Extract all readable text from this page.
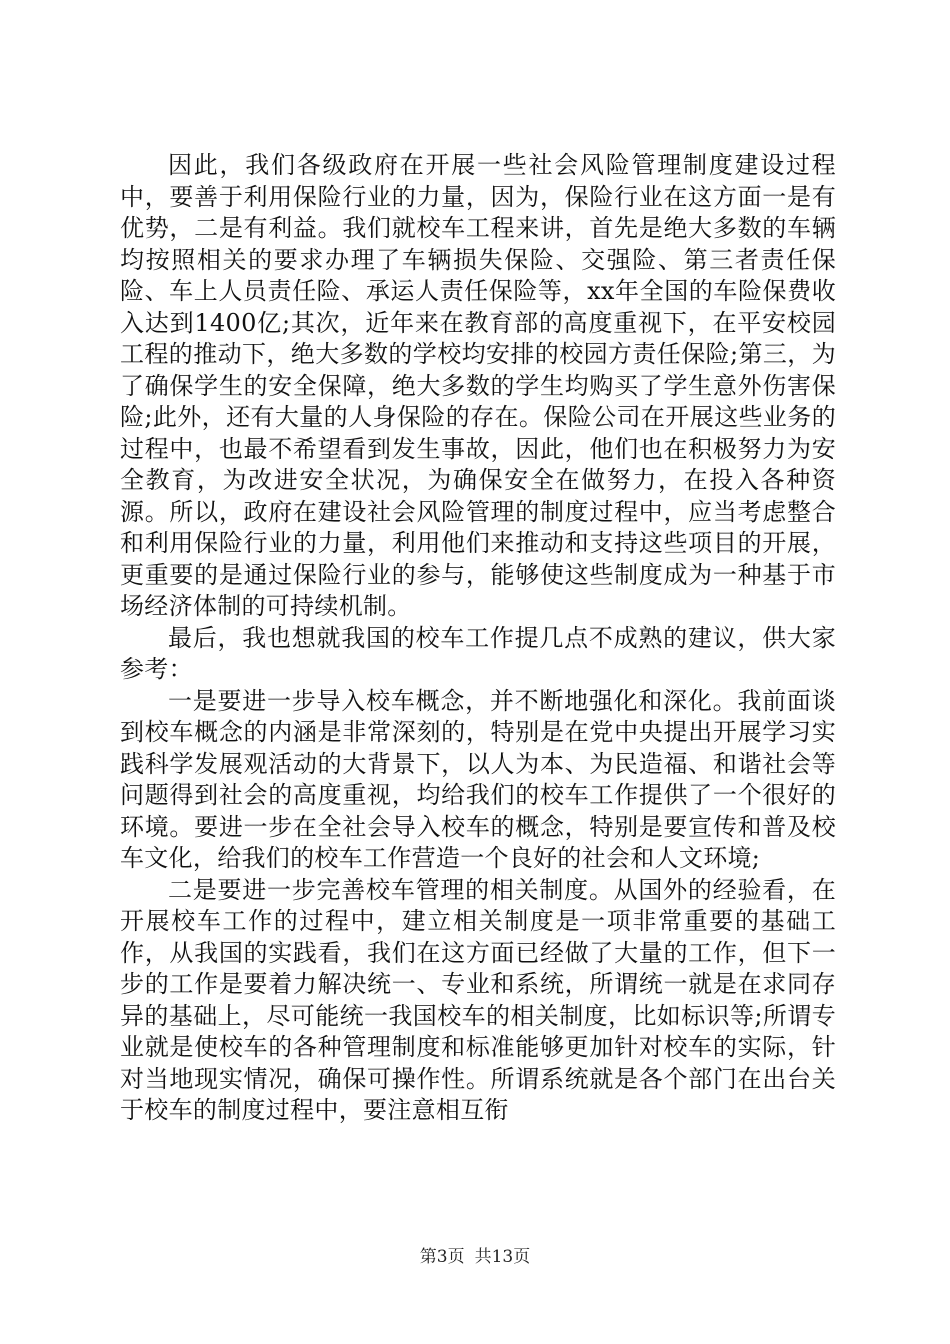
因此，我们各级政府在开展一些社会风险管理制度建设过程中，要善于利用保险行业的力量，因为，保险行业在这方面一是有优势，二是有利益。我们就校车工程来讲，首先是绝大多数的车辆均按照相关的要求办理了车辆损失保险、交强险、第三者责任保险、车上人员责任险、承运人责任保险等，xx年全国的车险保费收入达到1400亿;其次，近年来在教育部的高度重视下，在平安校园工程的推动下，绝大多数的学校均安排的校园方责任保险;第三，为了确保学生的安全保障，绝大多数的学生均购买了学生意外伤害保险;此外，还有大量的人身保险的存在。保险公司在开展这些业务的过程中，也最不希望看到发生事故，因此，他们也在积极努力为安全教育，为改进安全状况，为确保安全在做努力，在投入各种资源。所以，政府在建设社会风险管理的制度过程中，应当考虑整合和利用保险行业的力量，利用他们来推动和支持这些项目的开展，更重要的是通过保险行业的参与，能够使这些制度成为一种基于市场经济体制的可持续机制。

最后，我也想就我国的校车工作提几点不成熟的建议，供大家参考：

一是要进一步导入校车概念，并不断地强化和深化。我前面谈到校车概念的内涵是非常深刻的，特别是在党中央提出开展学习实践科学发展观活动的大背景下，以人为本、为民造福、和谐社会等问题得到社会的高度重视，均给我们的校车工作提供了一个很好的环境。要进一步在全社会导入校车的概念，特别是要宣传和普及校车文化，给我们的校车工作营造一个良好的社会和人文环境;

二是要进一步完善校车管理的相关制度。从国外的经验看，在开展校车工作的过程中，建立相关制度是一项非常重要的基础工作，从我国的实践看，我们在这方面已经做了大量的工作，但下一步的工作是要着力解决统一、专业和系统，所谓统一就是在求同存异的基础上，尽可能统一我国校车的相关制度，比如标识等;所谓专业就是使校车的各种管理制度和标准能够更加针对校车的实际，针对当地现实情况，确保可操作性。所谓系统就是各个部门在出台关于校车的制度过程中，要注意相互衔

第3页 共13页
